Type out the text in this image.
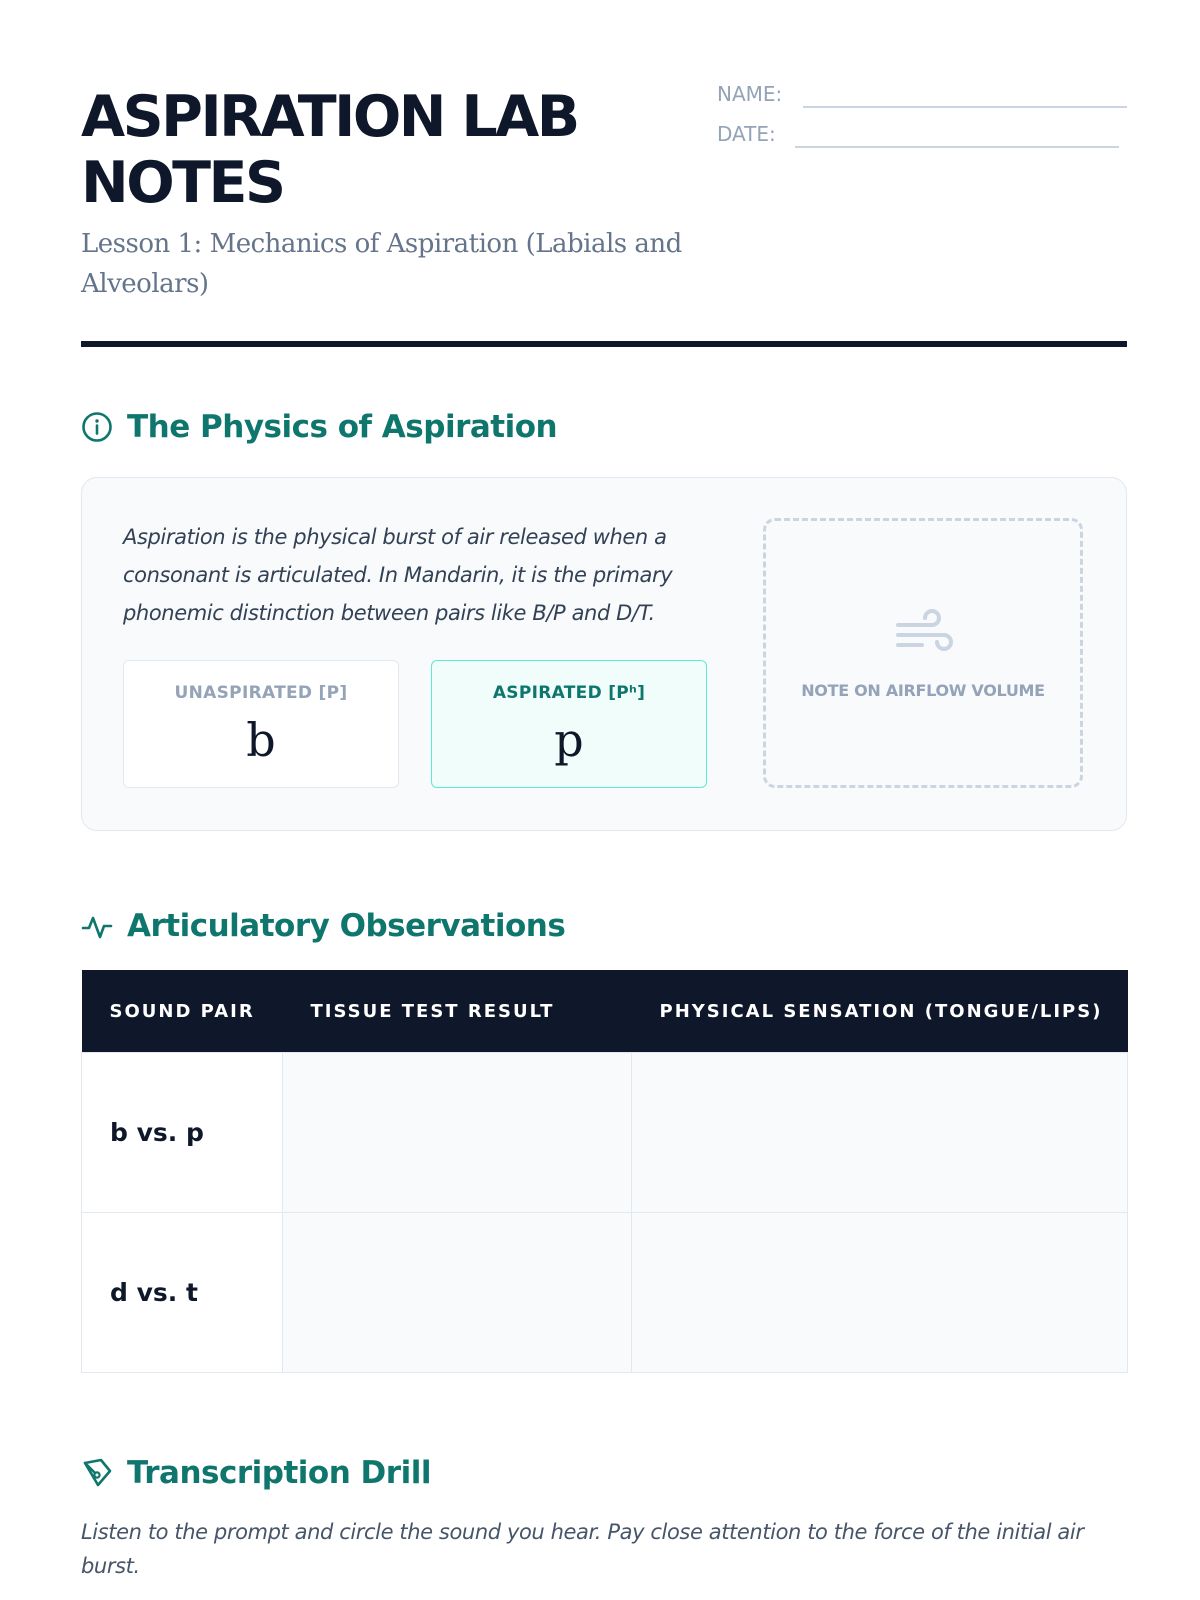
ASPIRATION LAB NOTES

Lesson 1: Mechanics of Aspiration (Labials and Alveolars)

NAME:
DATE:
The Physics of Aspiration

Aspiration is the physical burst of air released when a consonant is articulated. In Mandarin, it is the primary phonemic distinction between pairs like B/P and D/T.

UNASPIRATED [P]
b
ASPIRATED [Pʰ]
p
NOTE ON AIRFLOW VOLUME
Articulatory Observations
SOUND PAIR	TISSUE TEST RESULT	PHYSICAL SENSATION (TONGUE/LIPS)
b vs. p		
d vs. t		
Transcription Drill

Listen to the prompt and circle the sound you hear. Pay close attention to the force of the initial air burst.
